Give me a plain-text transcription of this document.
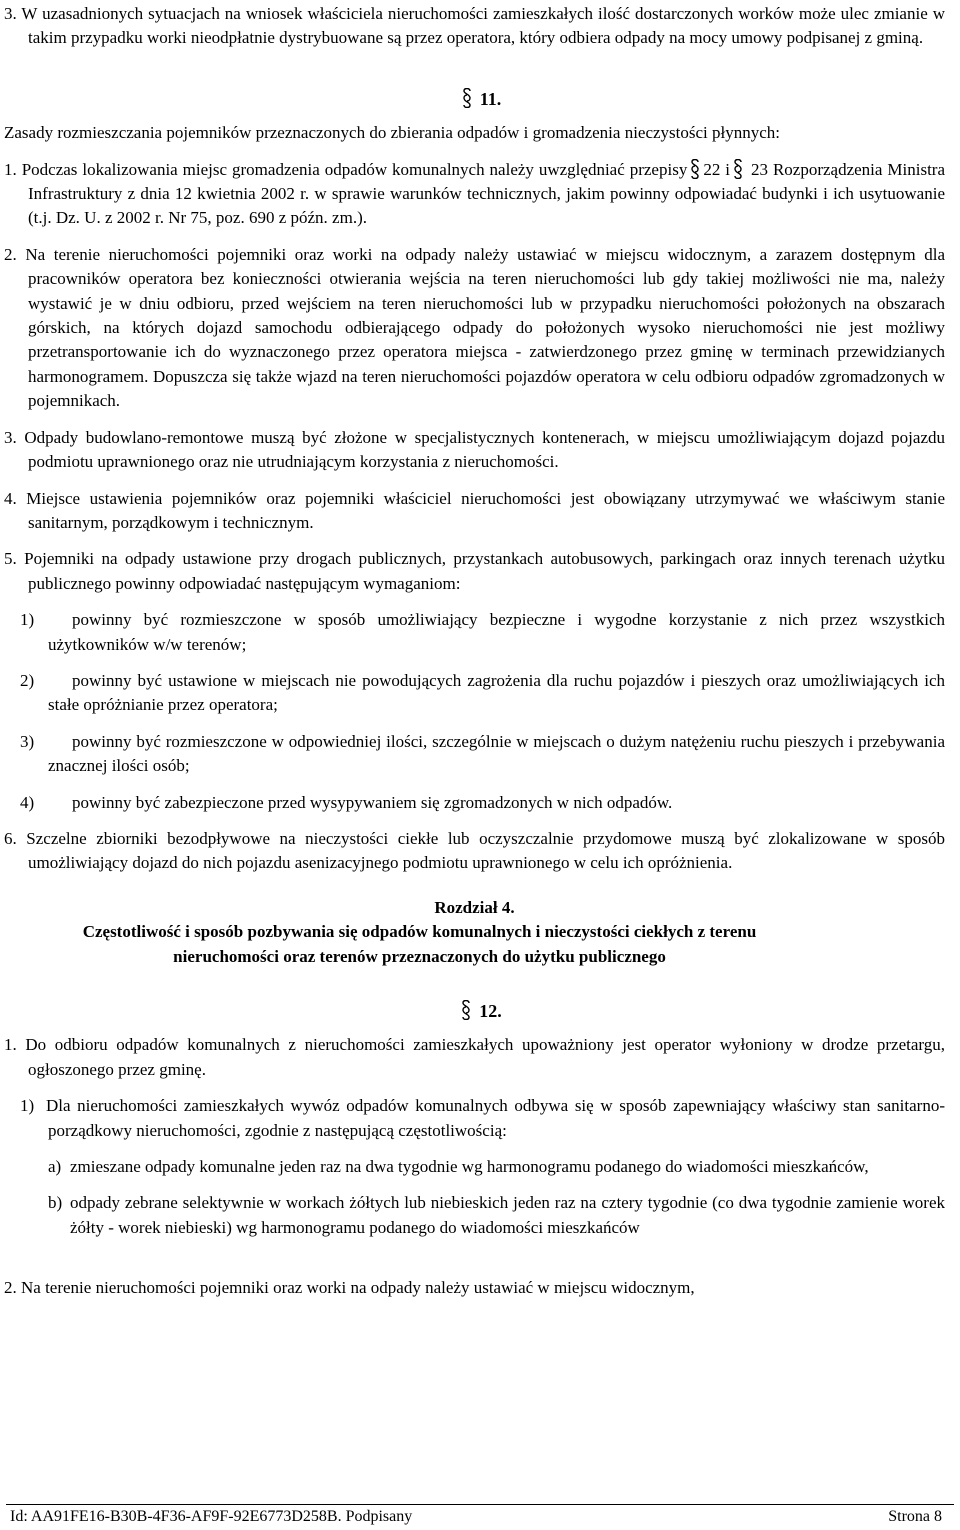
3. W uzasadnionych sytuacjach na wniosek właściciela nieruchomości zamieszkałych ilość dostarczonych worków może ulec zmianie w takim przypadku worki nieodpłatnie dystrybuowane są przez operatora, który odbiera odpady na mocy umowy podpisanej z gminą.

11.

Zasady rozmieszczania pojemników przeznaczonych do zbierania odpadów i gromadzenia nieczystości płynnych:

1. Podczas lokalizowania miejsc gromadzenia odpadów komunalnych należy uwzględniać przepisy 22 i 23 Rozporządzenia Ministra Infrastruktury z dnia 12 kwietnia 2002 r. w sprawie warunków technicznych, jakim powinny odpowiadać budynki i ich usytuowanie (t.j. Dz. U. z 2002 r. Nr 75, poz. 690 z późn. zm.).

2. Na terenie nieruchomości pojemniki oraz worki na odpady należy ustawiać w miejscu widocznym, a zarazem dostępnym dla pracowników operatora bez konieczności otwierania wejścia na teren nieruchomości lub gdy takiej możliwości nie ma, należy wystawić je w dniu odbioru, przed wejściem na teren nieruchomości lub w przypadku nieruchomości położonych na obszarach górskich, na których dojazd samochodu odbierającego odpady do położonych wysoko nieruchomości nie jest możliwy przetransportowanie ich do wyznaczonego przez operatora miejsca - zatwierdzonego przez gminę w terminach przewidzianych harmonogramem. Dopuszcza się także wjazd na teren nieruchomości pojazdów operatora w celu odbioru odpadów zgromadzonych w pojemnikach.

3. Odpady budowlano-remontowe muszą być złożone w specjalistycznych kontenerach, w miejscu umożliwiającym dojazd pojazdu podmiotu uprawnionego oraz nie utrudniającym korzystania z nieruchomości.

4. Miejsce ustawienia pojemników oraz pojemniki właściciel nieruchomości jest obowiązany utrzymywać we właściwym stanie sanitarnym, porządkowym i technicznym.

5. Pojemniki na odpady ustawione przy drogach publicznych, przystankach autobusowych, parkingach oraz innych terenach użytku publicznego powinny odpowiadać następującym wymaganiom:

1) powinny być rozmieszczone w sposób umożliwiający bezpieczne i wygodne korzystanie z nich przez wszystkich użytkowników w/w terenów;

2) powinny być ustawione w miejscach nie powodujących zagrożenia dla ruchu pojazdów i pieszych oraz umożliwiających ich stałe opróżnianie przez operatora;

3) powinny być rozmieszczone w odpowiedniej ilości, szczególnie w miejscach o dużym natężeniu ruchu pieszych i przebywania znacznej ilości osób;

4) powinny być zabezpieczone przed wysypywaniem się zgromadzonych w nich odpadów.

6. Szczelne zbiorniki bezodpływowe na nieczystości ciekłe lub oczyszczalnie przydomowe muszą być zlokalizowane w sposób umożliwiający dojazd do nich pojazdu asenizacyjnego podmiotu uprawnionego w celu ich opróżnienia.

Rozdział 4.

Częstotliwość i sposób pozbywania się odpadów komunalnych i nieczystości ciekłych z terenu nieruchomości oraz terenów przeznaczonych do użytku publicznego

12.

1. Do odbioru odpadów komunalnych z nieruchomości zamieszkałych upoważniony jest operator wyłoniony w drodze przetargu, ogłoszonego przez gminę.

1) Dla nieruchomości zamieszkałych wywóz odpadów komunalnych odbywa się w sposób zapewniający właściwy stan sanitarno-porządkowy nieruchomości, zgodnie z następującą częstotliwością:

a) zmieszane odpady komunalne jeden raz na dwa tygodnie wg harmonogramu podanego do wiadomości mieszkańców,

b) odpady zebrane selektywnie w workach żółtych lub niebieskich jeden raz na cztery tygodnie (co dwa tygodnie zamienie worek żółty - worek niebieski) wg harmonogramu podanego do wiadomości mieszkańców

2. Na terenie nieruchomości pojemniki oraz worki na odpady należy ustawiać w miejscu widocznym,

Id: AA91FE16-B30B-4F36-AF9F-92E6773D258B. Podpisany	Strona 8
